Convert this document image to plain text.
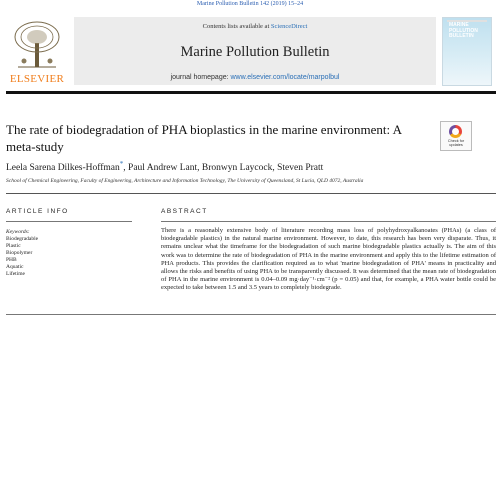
Marine Pollution Bulletin 142 (2019) 15–24
ELSEVIER
Contents lists available at ScienceDirect
Marine Pollution Bulletin
journal homepage: www.elsevier.com/locate/marpolbul
MARINE POLLUTION BULLETIN
The rate of biodegradation of PHA bioplastics in the marine environment: A meta-study	Check for updates
Leela Sarena Dilkes-Hoffman*, Paul Andrew Lant, Bronwyn Laycock, Steven Pratt
School of Chemical Engineering, Faculty of Engineering, Architecture and Information Technology, The University of Queensland, St Lucia, QLD 4072, Australia
ARTICLE INFO	ABSTRACT
Keywords:
Biodegradable
Plastic
Biopolymer
PHB
Aquatic
Lifetime

There is a reasonably extensive body of literature recording mass loss of polyhydroxyalkanoates (PHAs) (a class of biodegradable plastics) in the natural marine environment. However, to date, this research has been very disparate. Thus, it remains unclear what the timeframe for the biodegradation of such marine biodegradable plastics actually is. The aim of this work was to determine the rate of biodegradation of PHA in the marine environment and apply this to the lifetime estimation of PHA products. This provides the clarification required as to what 'marine biodegradation of PHA' means in practicality and allows the risks and benefits of using PHA to be transparently discussed. It was determined that the mean rate of biodegradation of PHA in the marine environment is 0.04–0.09 mg·day⁻¹·cm⁻² (p = 0.05) and that, for example, a PHA water bottle could be expected to take between 1.5 and 3.5 years to completely biodegrade.
